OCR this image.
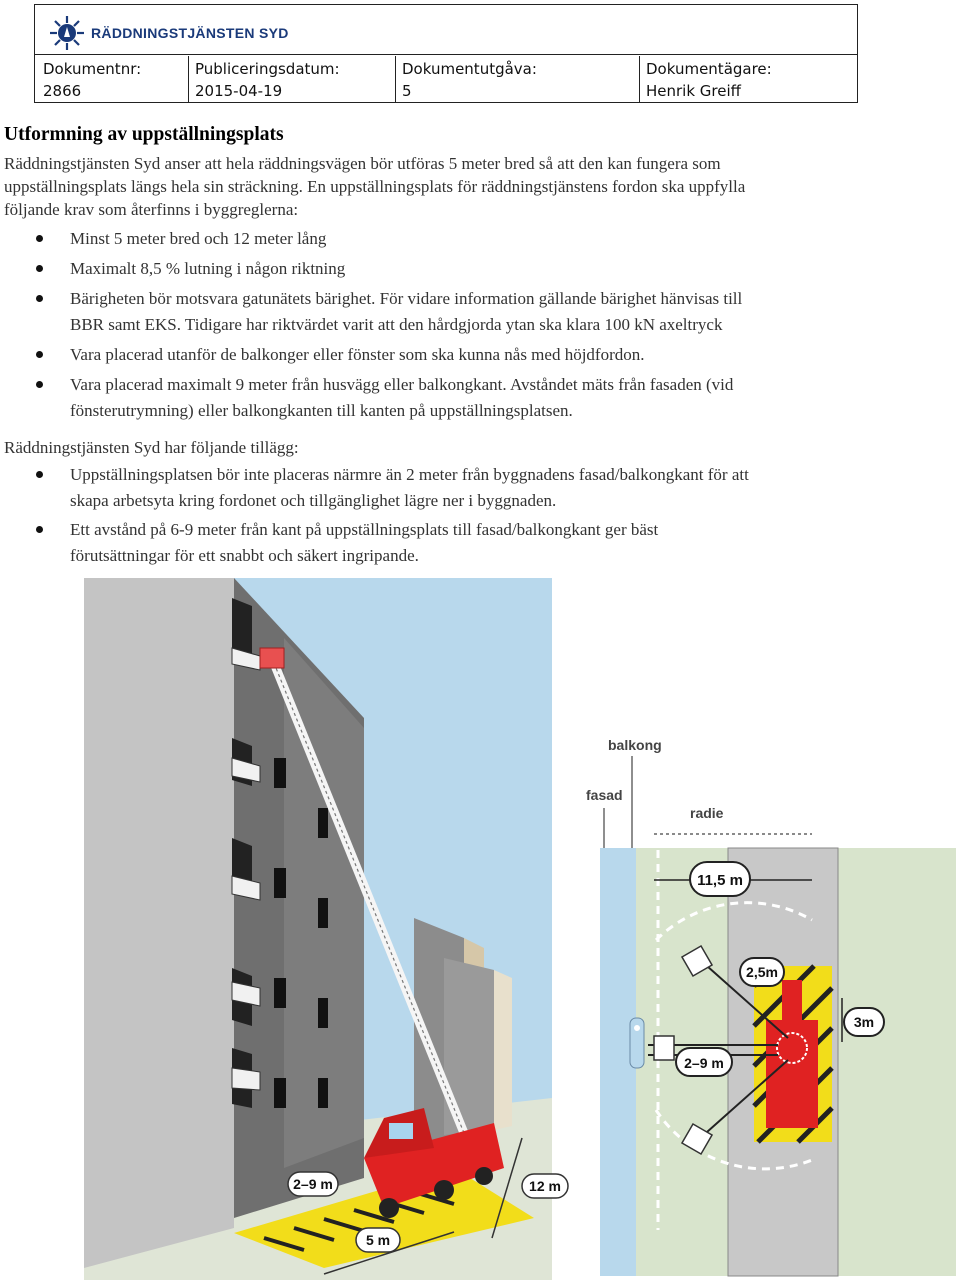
RÄDDNINGSTJÄNSTEN SYD
Dokumentnr:
2866
Publiceringsdatum:
2015-04-19
Dokumentutgåva:
5
Dokumentägare:
Henrik Greiff
Utformning av uppställningsplats
Räddningstjänsten Syd anser att hela räddningsvägen bör utföras 5 meter bred så att den kan fungera som
uppställningsplats längs hela sin sträckning. En uppställningsplats för räddningstjänstens fordon ska uppfylla
följande krav som återfinns i byggreglerna:
Minst 5 meter bred och 12 meter lång
Maximalt 8,5 % lutning i någon riktning
Bärigheten bör motsvara gatunätets bärighet. För vidare information gällande bärighet hänvisas till
BBR samt EKS. Tidigare har riktvärdet varit att den hårdgjorda ytan ska klara 100 kN axeltryck
Vara placerad utanför de balkonger eller fönster som ska kunna nås med höjdfordon.
Vara placerad maximalt 9 meter från husvägg eller balkongkant. Avståndet mäts från fasaden (vid
fönsterutrymning) eller balkongkanten till kanten på uppställningsplatsen.
Räddningstjänsten Syd har följande tillägg:
Uppställningsplatsen bör inte placeras närmre än 2 meter från byggnadens fasad/balkongkant för att
skapa arbetsyta kring fordonet och tillgänglighet lägre ner i byggnaden.
Ett avstånd på 6-9 meter från kant på uppställningsplats till fasad/balkongkant ger bäst
förutsättningar för ett snabbt och säkert ingripande.
2–9 m	12 m
5 m
balkong
fasad
radie
11,5 m
2,5m
3m
2–9 m
